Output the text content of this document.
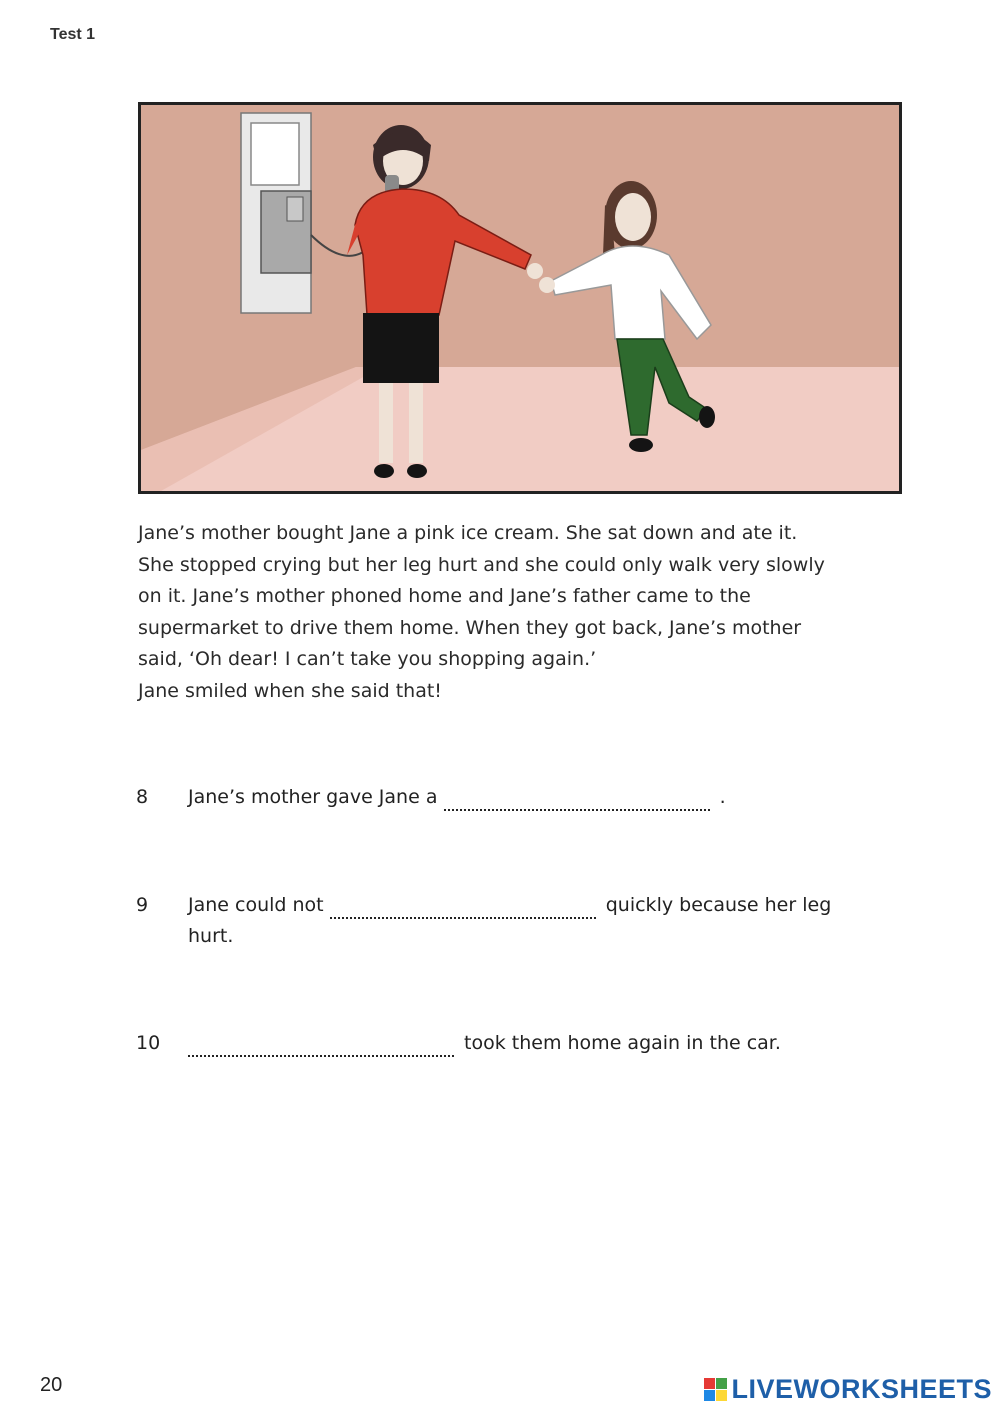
Test 1

Jane’s mother bought Jane a pink ice cream. She sat down and ate it.

She stopped crying but her leg hurt and she could only walk very slowly

on it. Jane’s mother phoned home and Jane’s father came to the

supermarket to drive them home. When they got back, Jane’s mother

said, ‘Oh dear! I can’t take you shopping again.’

Jane smiled when she said that!

8	Jane’s mother gave Jane a	.
9	Jane could not	quickly because her leg
hurt.
10	took them home again in the car.
20	LIVEWORKSHEETS
